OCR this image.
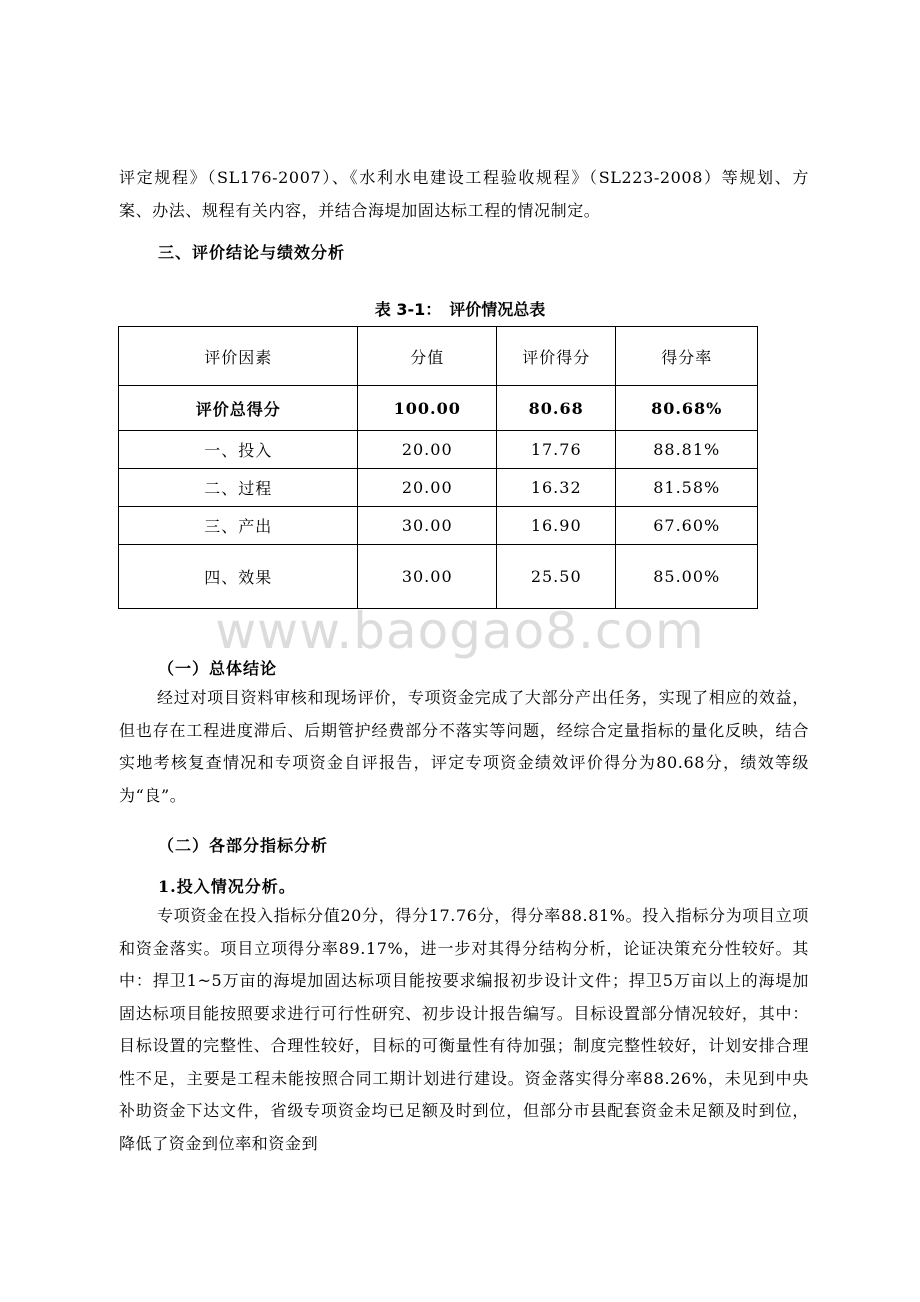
评定规程》（SL176-2007）、《水利水电建设工程验收规程》（SL223-2008）等规划、方案、办法、规程有关内容，并结合海堤加固达标工程的情况制定。

三、评价结论与绩效分析

表 3-1：　评价情况总表
评价因素	分值	评价得分	得分率
评价总得分	100.00	80.68	80.68%
一、投入	20.00	17.76	88.81%
二、过程	20.00	16.32	81.58%
三、产出	30.00	16.90	67.60%
四、效果	30.00	25.50	85.00%
www.baogao8.com

（一）总体结论

经过对项目资料审核和现场评价，专项资金完成了大部分产出任务，实现了相应的效益，但也存在工程进度滞后、后期管护经费部分不落实等问题，经综合定量指标的量化反映，结合实地考核复查情况和专项资金自评报告，评定专项资金绩效评价得分为80.68分，绩效等级为“良”。

（二）各部分指标分析

1.投入情况分析。

专项资金在投入指标分值20分，得分17.76分，得分率88.81%。投入指标分为项目立项和资金落实。项目立项得分率89.17%，进一步对其得分结构分析，论证决策充分性较好。其中：捍卫1~5万亩的海堤加固达标项目能按要求编报初步设计文件；捍卫5万亩以上的海堤加固达标项目能按照要求进行可行性研究、初步设计报告编写。目标设置部分情况较好，其中：目标设置的完整性、合理性较好，目标的可衡量性有待加强；制度完整性较好，计划安排合理性不足，主要是工程未能按照合同工期计划进行建设。资金落实得分率88.26%，未见到中央补助资金下达文件，省级专项资金均已足额及时到位，但部分市县配套资金未足额及时到位，降低了资金到位率和资金到
